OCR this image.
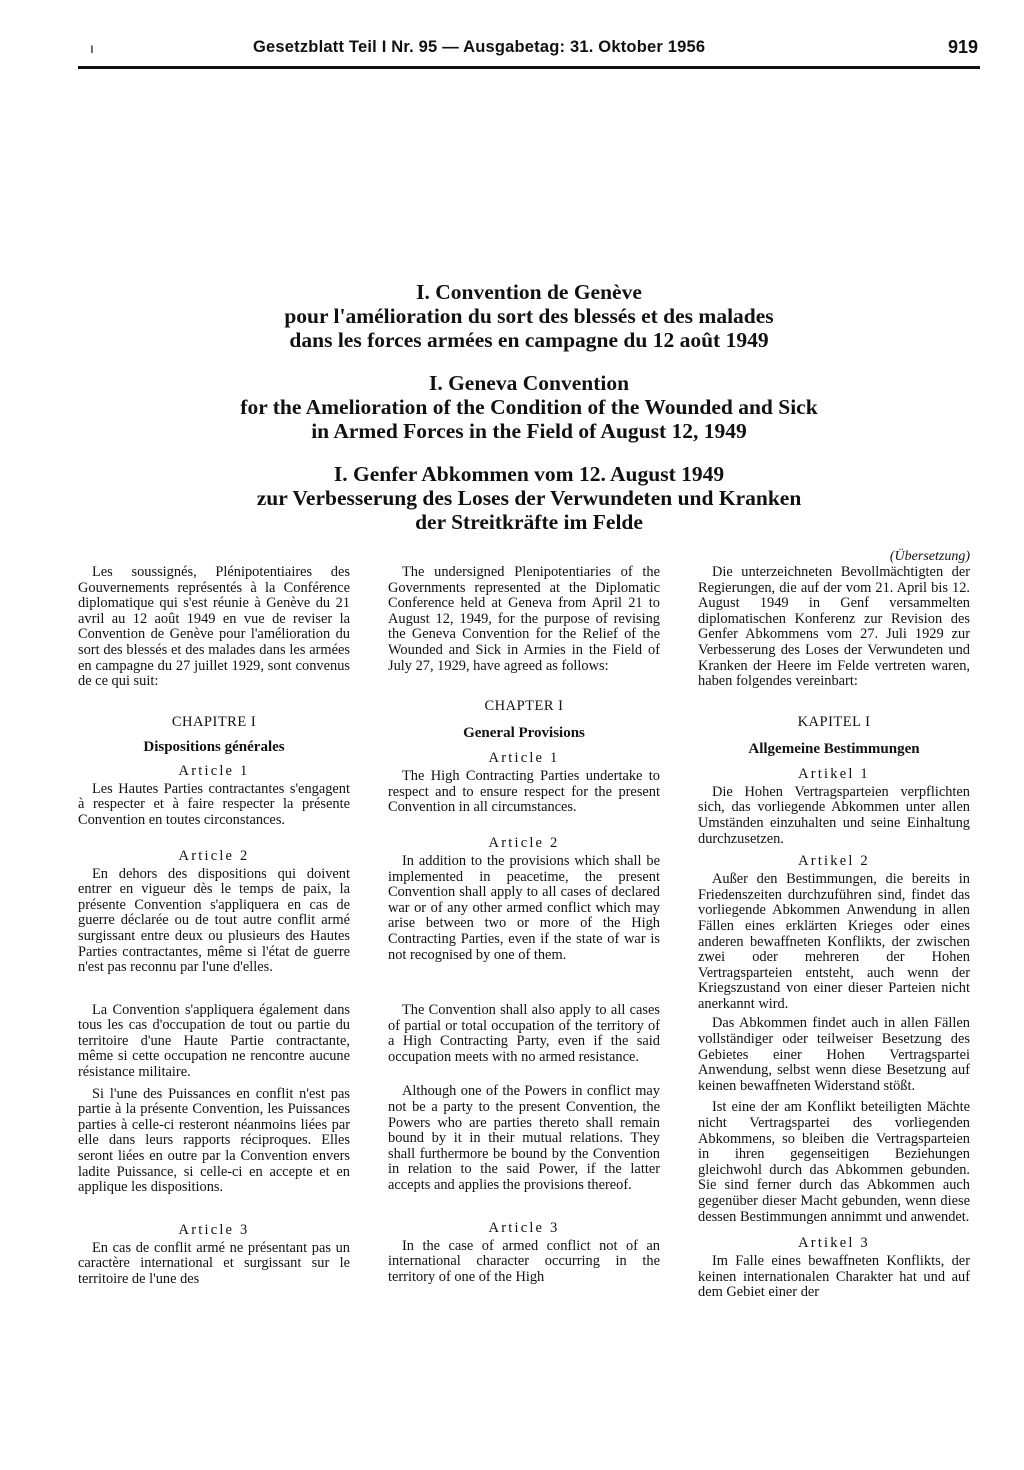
ı	Gesetzblatt Teil I Nr. 95 — Ausgabetag: 31. Oktober 1956	919
I. Convention de Genève
pour l'amélioration du sort des blessés et des malades
dans les forces armées en campagne du 12 août 1949
I. Geneva Convention
for the Amelioration of the Condition of the Wounded and Sick
in Armed Forces in the Field of August 12, 1949
I. Genfer Abkommen vom 12. August 1949
zur Verbesserung des Loses der Verwundeten und Kranken
der Streitkräfte im Felde

Les soussignés, Plénipotentiaires des Gouvernements représentés à la Conférence diplomatique qui s'est réunie à Genève du 21 avril au 12 août 1949 en vue de reviser la Convention de Genève pour l'amélioration du sort des blessés et des malades dans les armées en campagne du 27 juillet 1929, sont convenus de ce qui suit:

CHAPITRE I
Dispositions générales
Article 1

Les Hautes Parties contractantes s'engagent à respecter et à faire respecter la présente Convention en toutes circonstances.

Article 2

En dehors des dispositions qui doivent entrer en vigueur dès le temps de paix, la présente Convention s'appliquera en cas de guerre déclarée ou de tout autre conflit armé surgissant entre deux ou plusieurs des Hautes Parties contractantes, même si l'état de guerre n'est pas reconnu par l'une d'elles.

La Convention s'appliquera également dans tous les cas d'occupation de tout ou partie du territoire d'une Haute Partie contractante, même si cette occupation ne rencontre aucune résistance militaire.

Si l'une des Puissances en conflit n'est pas partie à la présente Convention, les Puissances parties à celle-ci resteront néanmoins liées par elle dans leurs rapports réciproques. Elles seront liées en outre par la Convention envers ladite Puissance, si celle-ci en accepte et en applique les dispositions.

Article 3

En cas de conflit armé ne présentant pas un caractère international et surgissant sur le territoire de l'une des

The undersigned Plenipotentiaries of the Governments represented at the Diplomatic Conference held at Geneva from April 21 to August 12, 1949, for the purpose of revising the Geneva Convention for the Relief of the Wounded and Sick in Armies in the Field of July 27, 1929, have agreed as follows:

CHAPTER I
General Provisions
Article 1

The High Contracting Parties undertake to respect and to ensure respect for the present Convention in all circumstances.

Article 2

In addition to the provisions which shall be implemented in peacetime, the present Convention shall apply to all cases of declared war or of any other armed conflict which may arise between two or more of the High Contracting Parties, even if the state of war is not recognised by one of them.

The Convention shall also apply to all cases of partial or total occupation of the territory of a High Contracting Party, even if the said occupation meets with no armed resistance.

Although one of the Powers in conflict may not be a party to the present Convention, the Powers who are parties thereto shall remain bound by it in their mutual relations. They shall furthermore be bound by the Convention in relation to the said Power, if the latter accepts and applies the provisions thereof.

Article 3

In the case of armed conflict not of an international character occurring in the territory of one of the High

(Übersetzung)

Die unterzeichneten Bevollmächtigten der Regierungen, die auf der vom 21. April bis 12. August 1949 in Genf versammelten diplomatischen Konferenz zur Revision des Genfer Abkommens vom 27. Juli 1929 zur Verbesserung des Loses der Verwundeten und Kranken der Heere im Felde vertreten waren, haben folgendes vereinbart:

KAPITEL I
Allgemeine Bestimmungen
Artikel 1

Die Hohen Vertragsparteien verpflichten sich, das vorliegende Abkommen unter allen Umständen einzuhalten und seine Einhaltung durchzusetzen.

Artikel 2

Außer den Bestimmungen, die bereits in Friedenszeiten durchzuführen sind, findet das vorliegende Abkommen Anwendung in allen Fällen eines erklärten Krieges oder eines anderen bewaffneten Konflikts, der zwischen zwei oder mehreren der Hohen Vertragsparteien entsteht, auch wenn der Kriegszustand von einer dieser Parteien nicht anerkannt wird.

Das Abkommen findet auch in allen Fällen vollständiger oder teilweiser Besetzung des Gebietes einer Hohen Vertragspartei Anwendung, selbst wenn diese Besetzung auf keinen bewaffneten Widerstand stößt.

Ist eine der am Konflikt beteiligten Mächte nicht Vertragspartei des vorliegenden Abkommens, so bleiben die Vertragsparteien in ihren gegenseitigen Beziehungen gleichwohl durch das Abkommen gebunden. Sie sind ferner durch das Abkommen auch gegenüber dieser Macht gebunden, wenn diese dessen Bestimmungen annimmt und anwendet.

Artikel 3

Im Falle eines bewaffneten Konflikts, der keinen internationalen Charakter hat und auf dem Gebiet einer der
